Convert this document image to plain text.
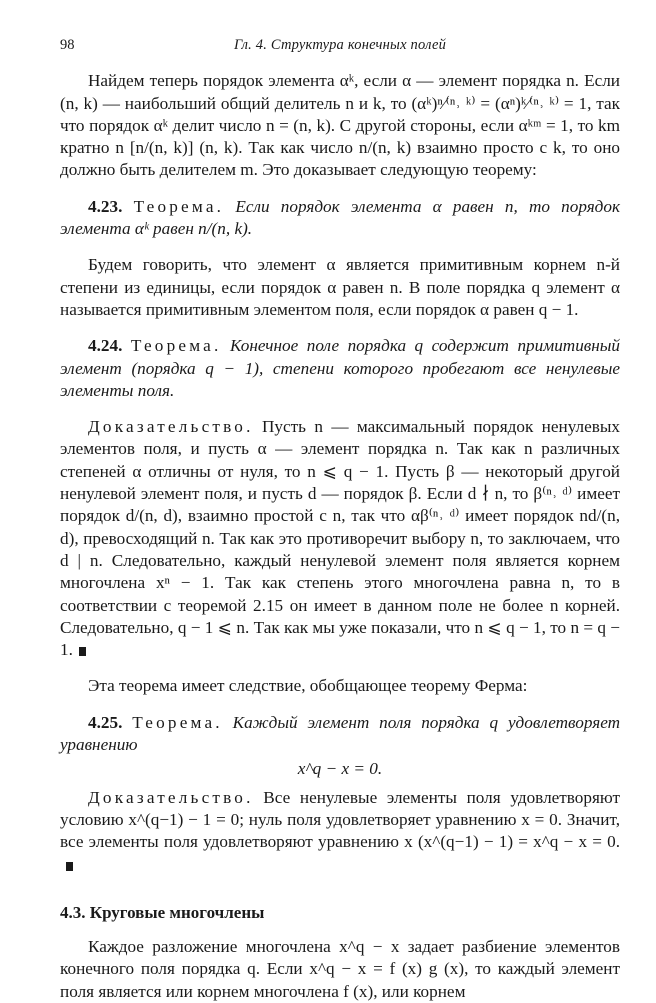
98	Гл. 4. Структура конечных полей

Найдем теперь порядок элемента αᵏ, если α — элемент порядка n. Если (n, k) — наибольший общий делитель n и k, то (αᵏ)ⁿ⁄⁽ⁿ˒ ᵏ⁾ = (αⁿ)ᵏ⁄⁽ⁿ˒ ᵏ⁾ = 1, так что порядок αᵏ делит число n = (n, k). С другой стороны, если αᵏᵐ = 1, то km кратно n [n/(n, k)] (n, k). Так как число n/(n, k) взаимно просто с k, то оно должно быть делителем m. Это доказывает следующую теорему:

4.23. Теорема. Если порядок элемента α равен n, то порядок элемента αᵏ равен n/(n, k).

Будем говорить, что элемент α является примитивным корнем n-й степени из единицы, если порядок α равен n. В поле порядка q элемент α называется примитивным элементом поля, если порядок α равен q − 1.

4.24. Теорема. Конечное поле порядка q содержит примитивный элемент (порядка q − 1), степени которого пробегают все ненулевые элементы поля.

Доказательство. Пусть n — максимальный порядок ненулевых элементов поля, и пусть α — элемент порядка n. Так как n различных степеней α отличны от нуля, то n ⩽ q − 1. Пусть β — некоторый другой ненулевой элемент поля, и пусть d — порядок β. Если d ∤ n, то β⁽ⁿ˒ ᵈ⁾ имеет порядок d/(n, d), взаимно простой с n, так что αβ⁽ⁿ˒ ᵈ⁾ имеет порядок nd/(n, d), превосходящий n. Так как это противоречит выбору n, то заключаем, что d | n. Следовательно, каждый ненулевой элемент поля является корнем многочлена xⁿ − 1. Так как степень этого многочлена равна n, то в соответствии с теоремой 2.15 он имеет в данном поле не более n корней. Следовательно, q − 1 ⩽ n. Так как мы уже показали, что n ⩽ q − 1, то n = q − 1.

Эта теорема имеет следствие, обобщающее теорему Ферма:

4.25. Теорема. Каждый элемент поля порядка q удовлетворяет уравнению

x^q − x = 0.

Доказательство. Все ненулевые элементы поля удовлетворяют условию x^(q−1) − 1 = 0; нуль поля удовлетворяет уравнению x = 0. Значит, все элементы поля удовлетворяют уравнению x (x^(q−1) − 1) = x^q − x = 0.

4.3. Круговые многочлены

Каждое разложение многочлена x^q − x задает разбиение элементов конечного поля порядка q. Если x^q − x = f (x) g (x), то каждый элемент поля является или корнем многочлена f (x), или корнем
